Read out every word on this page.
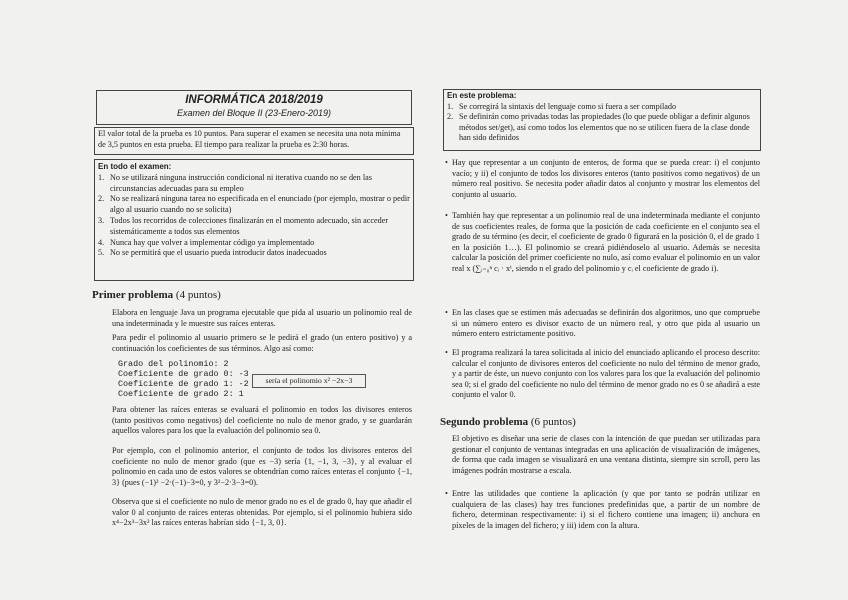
INFORMÁTICA 2018/2019
Examen del Bloque II (23-Enero-2019)
El valor total de la prueba es 10 puntos. Para superar el examen se necesita una nota mínima de 3,5 puntos en esta prueba. El tiempo para realizar la prueba es 2:30 horas.
En todo el examen:
1. No se utilizará ninguna instrucción condicional ni iterativa cuando no se den las circunstancias adecuadas para su empleo
2. No se realizará ninguna tarea no especificada en el enunciado (por ejemplo, mostrar o pedir algo al usuario cuando no se solicita)
3. Todos los recorridos de colecciones finalizarán en el momento adecuado, sin acceder sistemáticamente a todos sus elementos
4. Nunca hay que volver a implementar código ya implementado
5. No se permitirá que el usuario pueda introducir datos inadecuados
Primer problema (4 puntos)
Elabora en lenguaje Java un programa ejecutable que pida al usuario un polinomio real de una indeterminada y le muestre sus raíces enteras.
Para pedir el polinomio al usuario primero se le pedirá el grado (un entero positivo) y a continuación los coeficientes de sus términos. Algo así como:
Grado del polinomio: 2
Coeficiente de grado 0: -3
Coeficiente de grado 1: -2
Coeficiente de grado 2: 1
sería el polinomio x² −2x−3
Para obtener las raíces enteras se evaluará el polinomio en todos los divisores enteros (tanto positivos como negativos) del coeficiente no nulo de menor grado, y se guardarán aquellos valores para los que la evaluación del polinomio sea 0.
Por ejemplo, con el polinomio anterior, el conjunto de todos los divisores enteros del coeficiente no nulo de menor grado (que es −3) sería {1, −1, 3, −3}, y al evaluar el polinomio en cada uno de estos valores se obtendrían como raíces enteras el conjunto {−1, 3} (pues (−1)² −2·(−1)−3=0, y 3²−2·3−3=0).
Observa que si el coeficiente no nulo de menor grado no es el de grado 0, hay que añadir el valor 0 al conjunto de raíces enteras obtenidas. Por ejemplo, si el polinomio hubiera sido x⁴−2x³−3x² las raíces enteras habrían sido {−1, 3, 0}.
En este problema:
1. Se corregirá la sintaxis del lenguaje como si fuera a ser compilado
2. Se definirán como privadas todas las propiedades (lo que puede obligar a definir algunos métodos set/get), así como todos los elementos que no se utilicen fuera de la clase donde han sido definidos
• Hay que representar a un conjunto de enteros, de forma que se pueda crear: i) el conjunto vacío; y ii) el conjunto de todos los divisores enteros (tanto positivos como negativos) de un número real positivo. Se necesita poder añadir datos al conjunto y mostrar los elementos del conjunto al usuario.
• También hay que representar a un polinomio real de una indeterminada mediante el conjunto de sus coeficientes reales, de forma que la posición de cada coeficiente en el conjunto sea el grado de su término (es decir, el coeficiente de grado 0 figurará en la posición 0, el de grado 1 en la posición 1…). El polinomio se creará pidiéndoselo al usuario. Además se necesita calcular la posición del primer coeficiente no nulo, así como evaluar el polinomio en un valor real x (∑ᵢ₌₀ⁿ cᵢ · xⁱ, siendo n el grado del polinomio y cᵢ el coeficiente de grado i).
• En las clases que se estimen más adecuadas se definirán dos algoritmos, uno que compruebe si un número entero es divisor exacto de un número real, y otro que pida al usuario un número entero estrictamente positivo.
• El programa realizará la tarea solicitada al inicio del enunciado aplicando el proceso descrito: calcular el conjunto de divisores enteros del coeficiente no nulo del término de menor grado, y a partir de éste, un nuevo conjunto con los valores para los que la evaluación del polinomio sea 0; si el grado del coeficiente no nulo del término de menor grado no es 0 se añadirá a este conjunto el valor 0.
Segundo problema (6 puntos)
El objetivo es diseñar una serie de clases con la intención de que puedan ser utilizadas para gestionar el conjunto de ventanas integradas en una aplicación de visualización de imágenes, de forma que cada imagen se visualizará en una ventana distinta, siempre sin scroll, pero las imágenes podrán mostrarse a escala.
• Entre las utilidades que contiene la aplicación (y que por tanto se podrán utilizar en cualquiera de las clases) hay tres funciones predefinidas que, a partir de un nombre de fichero, determinan respectivamente: i) si el fichero contiene una imagen; ii) anchura en píxeles de la imagen del fichero; y iii) idem con la altura.
